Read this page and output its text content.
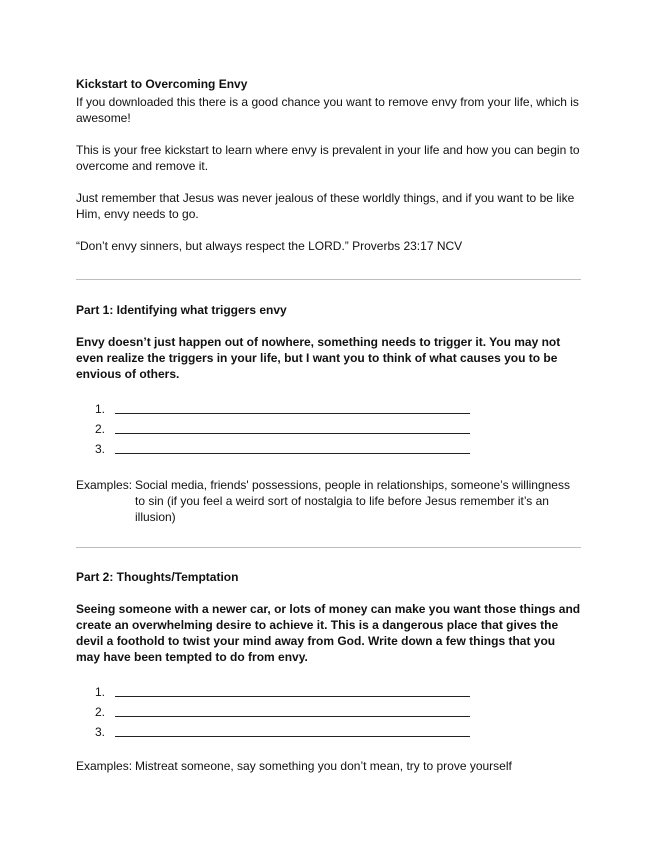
Kickstart to Overcoming Envy

If you downloaded this there is a good chance you want to remove envy from your life, which is awesome!

This is your free kickstart to learn where envy is prevalent in your life and how you can begin to overcome and remove it.

Just remember that Jesus was never jealous of these worldly things, and if you want to be like Him, envy needs to go.

“Don’t envy sinners, but always respect the LORD.” Proverbs 23:17 NCV

Part 1: Identifying what triggers envy

Envy doesn’t just happen out of nowhere, something needs to trigger it. You may not even realize the triggers in your life, but I want you to think of what causes you to be envious of others.

1.
2.
3.
Examples: Social media, friends' possessions, people in relationships, someone’s willingness to sin (if you feel a weird sort of nostalgia to life before Jesus remember it’s an illusion)
Part 2: Thoughts/Temptation

Seeing someone with a newer car, or lots of money can make you want those things and create an overwhelming desire to achieve it. This is a dangerous place that gives the devil a foothold to twist your mind away from God. Write down a few things that you may have been tempted to do from envy.

1.
2.
3.
Examples: Mistreat someone, say something you don’t mean, try to prove yourself
